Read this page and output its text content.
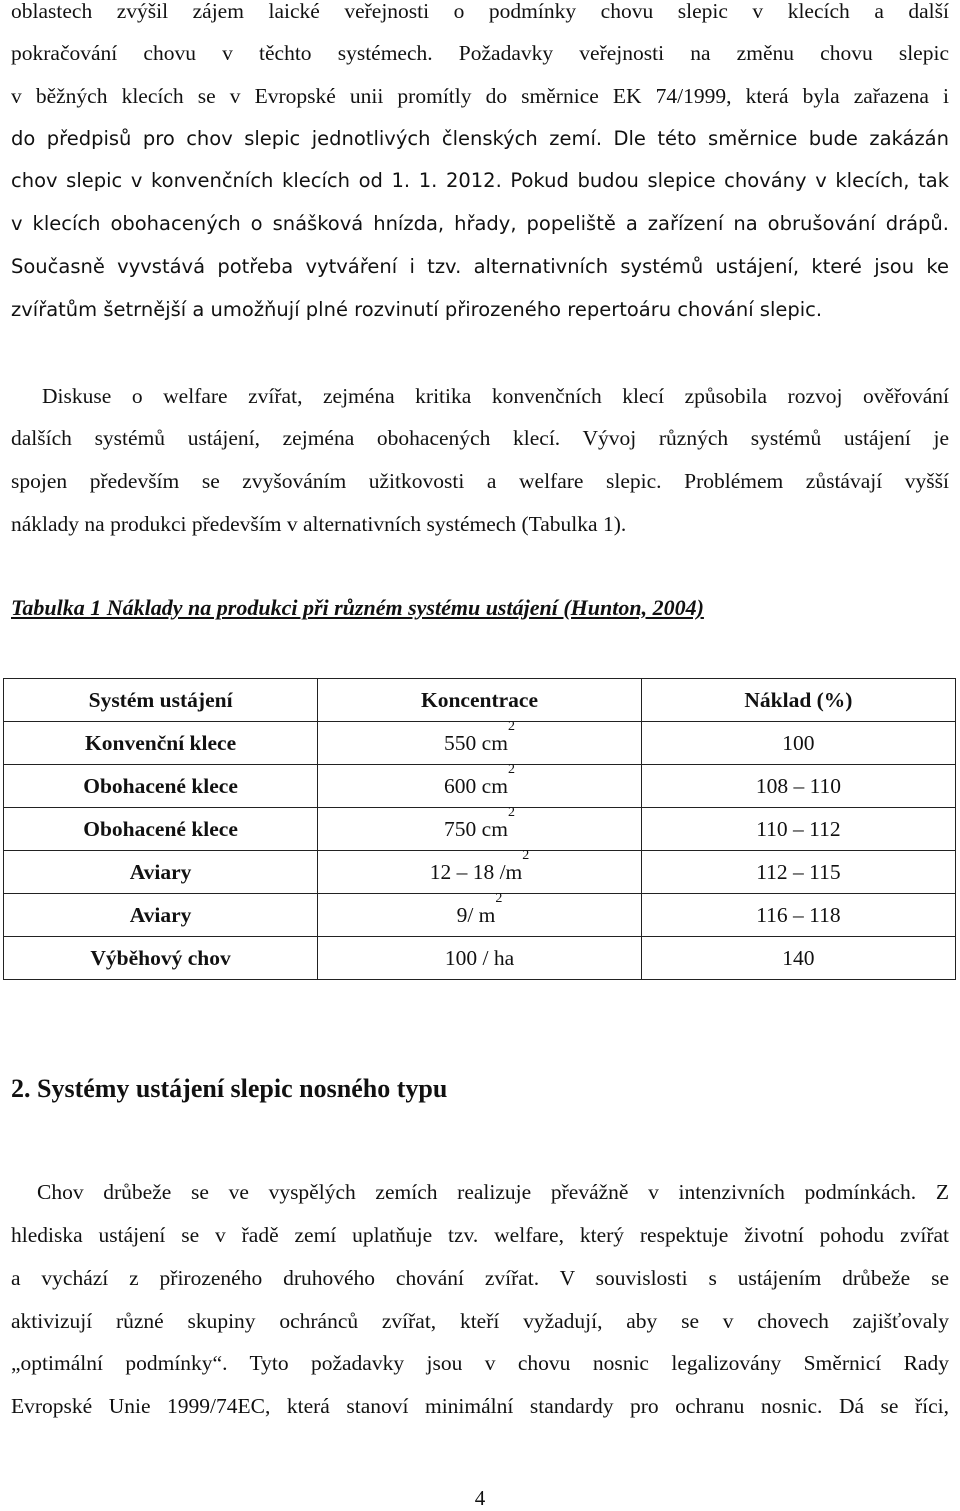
oblastech zvýšil zájem laické veřejnosti o podmínky chovu slepic v klecích a další
pokračování chovu v těchto systémech. Požadavky veřejnosti na změnu chovu slepic
v běžných klecích se v Evropské unii promítly do směrnice EK 74/1999, která byla zařazena i
do předpisů pro chov slepic jednotlivých členských zemí. Dle této směrnice bude zakázán
chov slepic v konvenčních klecích od 1. 1. 2012. Pokud budou slepice chovány v klecích, tak
v klecích obohacených o snášková hnízda, hřady, popeliště a zařízení na obrušování drápů.
Současně vyvstává potřeba vytváření i tzv. alternativních systémů ustájení, které jsou ke
zvířatům šetrnější a umožňují plné rozvinutí přirozeného repertoáru chování slepic.
Diskuse o welfare zvířat, zejména kritika konvenčních klecí způsobila rozvoj ověřování
dalších systémů ustájení, zejména obohacených klecí. Vývoj různých systémů ustájení je
spojen především se zvyšováním užitkovosti a welfare slepic. Problémem zůstávají vyšší
náklady na produkci především v alternativních systémech (Tabulka 1).
Tabulka 1 Náklady na produkci při různém systému ustájení (Hunton, 2004)
Systém ustájení	Koncentrace	Náklad (%)
Konvenční klece	550 $cm^2$	100
Obohacené klece	600 $cm^2$	108 – 110
Obohacené klece	750 $cm^2$	110 – 112
Aviary	12 – 18 $/m^2$	112 – 115
Aviary	9/ $m^2$	116 – 118
Výběhový chov	100 / ha	140
2. Systémy ustájení slepic nosného typu
Chov drůbeže se ve vyspělých zemích realizuje převážně v intenzivních podmínkách. Z
hlediska ustájení se v řadě zemí uplatňuje tzv. welfare, který respektuje životní pohodu zvířat
a vychází z přirozeného druhového chování zvířat. V souvislosti s ustájením drůbeže se
aktivizují různé skupiny ochránců zvířat, kteří vyžadují, aby se v chovech zajišťovaly
„optimální podmínky“. Tyto požadavky jsou v chovu nosnic legalizovány Směrnicí Rady
Evropské Unie 1999/74EC, která stanoví minimální standardy pro ochranu nosnic. Dá se říci,
4
